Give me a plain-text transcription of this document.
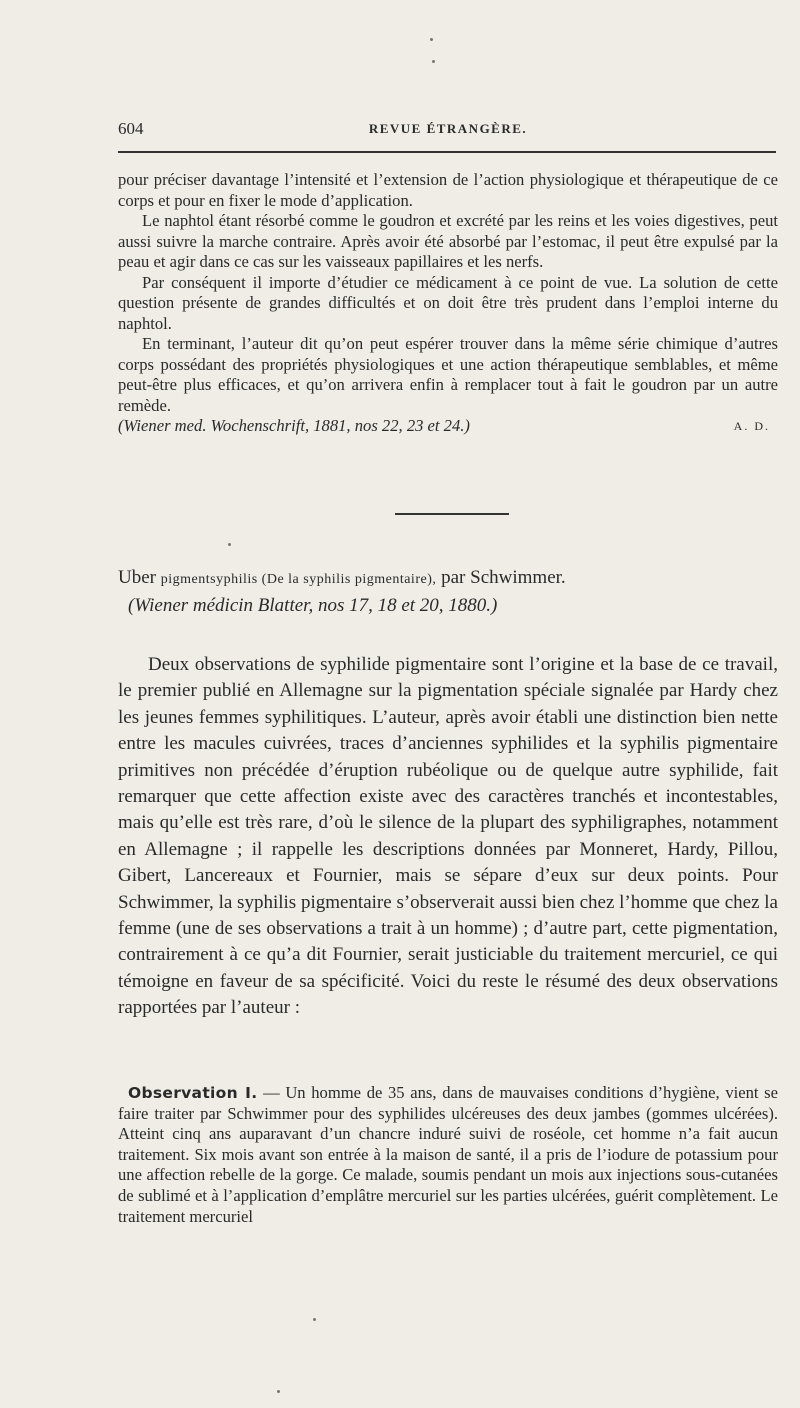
604	REVUE ÉTRANGÈRE.

pour préciser davantage l’intensité et l’extension de l’action physiologique et thérapeutique de ce corps et pour en fixer le mode d’application.

Le naphtol étant résorbé comme le goudron et excrété par les reins et les voies digestives, peut aussi suivre la marche contraire. Après avoir été absorbé par l’estomac, il peut être expulsé par la peau et agir dans ce cas sur les vaisseaux papillaires et les nerfs.

Par conséquent il importe d’étudier ce médicament à ce point de vue. La solution de cette question présente de grandes difficultés et on doit être très prudent dans l’emploi interne du naphtol.

En terminant, l’auteur dit qu’on peut espérer trouver dans la même série chimique d’autres corps possédant des propriétés physiologiques et une action thérapeutique semblables, et même peut-être plus efficaces, et qu’on arrivera enfin à remplacer tout à fait le goudron par un autre remède.

(Wiener med. Wochenschrift, 1881, nos 22, 23 et 24.)	A. D.
Uber pigmentsyphilis (De la syphilis pigmentaire), par Schwimmer.
(Wiener médicin Blatter, nos 17, 18 et 20, 1880.)

Deux observations de syphilide pigmentaire sont l’origine et la base de ce travail, le premier publié en Allemagne sur la pigmentation spéciale signalée par Hardy chez les jeunes femmes syphilitiques. L’auteur, après avoir établi une distinction bien nette entre les macules cuivrées, traces d’anciennes syphilides et la syphilis pigmentaire primitives non précédée d’éruption rubéolique ou de quelque autre syphilide, fait remarquer que cette affection existe avec des caractères tranchés et incontestables, mais qu’elle est très rare, d’où le silence de la plupart des syphiligraphes, notamment en Allemagne ; il rappelle les descriptions données par Monneret, Hardy, Pillou, Gibert, Lancereaux et Fournier, mais se sépare d’eux sur deux points. Pour Schwimmer, la syphilis pigmentaire s’observerait aussi bien chez l’homme que chez la femme (une de ses observations a trait à un homme) ; d’autre part, cette pigmentation, contrairement à ce qu’a dit Fournier, serait justiciable du traitement mercuriel, ce qui témoigne en faveur de sa spécificité. Voici du reste le résumé des deux observations rapportées par l’auteur :

Observation I. — Un homme de 35 ans, dans de mauvaises conditions d’hygiène, vient se faire traiter par Schwimmer pour des syphilides ulcéreuses des deux jambes (gommes ulcérées). Atteint cinq ans auparavant d’un chancre induré suivi de roséole, cet homme n’a fait aucun traitement. Six mois avant son entrée à la maison de santé, il a pris de l’iodure de potassium pour une affection rebelle de la gorge. Ce malade, soumis pendant un mois aux injections sous-cutanées de sublimé et à l’application d’emplâtre mercuriel sur les parties ulcérées, guérit complètement. Le traitement mercuriel
